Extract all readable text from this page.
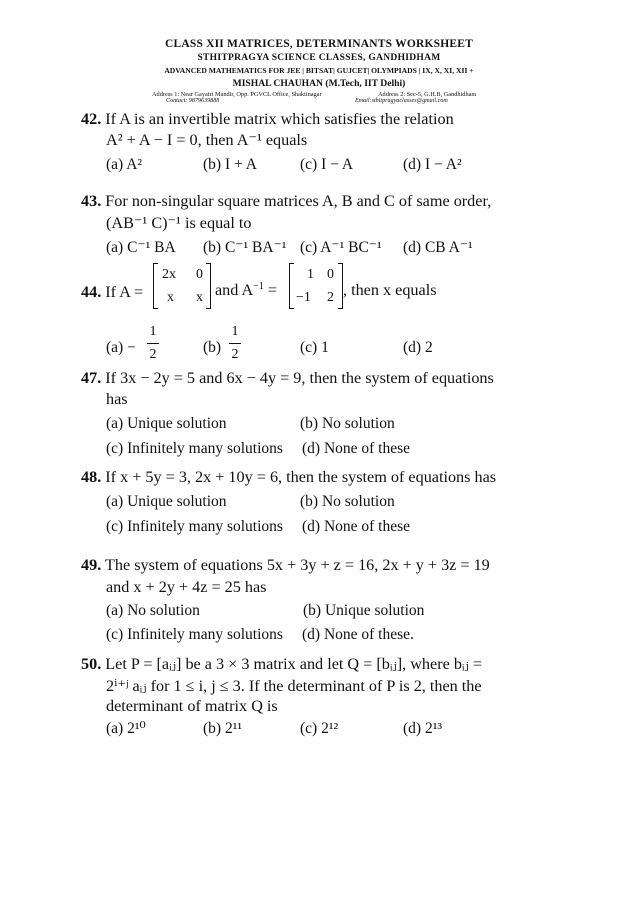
CLASS XII MATRICES, DETERMINANTS WORKSHEET
STHITPRAGYA SCIENCE CLASSES, GANDHIDHAM
ADVANCED MATHEMATICS FOR JEE | BITSAT| GUJCET| OLYMPIADS | IX, X, XI, XII +
MISHAL CHAUHAN (M.Tech, IIT Delhi)
Address 1: Near Gayatri Mandir, Opp. PGVCL Office, Shaktinagar	Address 2: Sec-5, G.H.B, Gandhidham
Contact: 9879639888	Email:sthitpragyaclasses@gmail.com
42. If A is an invertible matrix which satisfies the relation
A² + A − I = 0, then A⁻¹ equals
(a) A²	(b) I + A	(c) I − A	(d) I − A²
43. For non-singular square matrices A, B and C of same order,
(AB⁻¹ C)⁻¹ is equal to
(a) C⁻¹ BA (b) C⁻¹ BA⁻¹ (c) A⁻¹ BC⁻¹ (d) CB A⁻¹
44. If A =
2x 0
x x and $A^{-1}$ =
1 0
−1 2 , then x equals
(a) −
1
2	(b)
1
2	(c) 1	(d) 2
47. If 3x − 2y = 5 and 6x − 4y = 9, then the system of equations
has
(a) Unique solution	(b) No solution
(c) Infinitely many solutions (d) None of these
48. If x + 5y = 3, 2x + 10y = 6, then the system of equations has
(a) Unique solution	(b) No solution
(c) Infinitely many solutions (d) None of these
49. The system of equations 5x + 3y + z = 16, 2x + y + 3z = 19
and x + 2y + 4z = 25 has
(a) No solution	(b) Unique solution
(c) Infinitely many solutions (d) None of these.
50. Let P = [aᵢⱼ] be a 3 × 3 matrix and let Q = [bᵢⱼ], where bᵢⱼ =
2ⁱ⁺ʲ aᵢⱼ for 1 ≤ i, j ≤ 3. If the determinant of P is 2, then the
determinant of matrix Q is
(a) 2¹⁰	(b) 2¹¹	(c) 2¹²	(d) 2¹³
